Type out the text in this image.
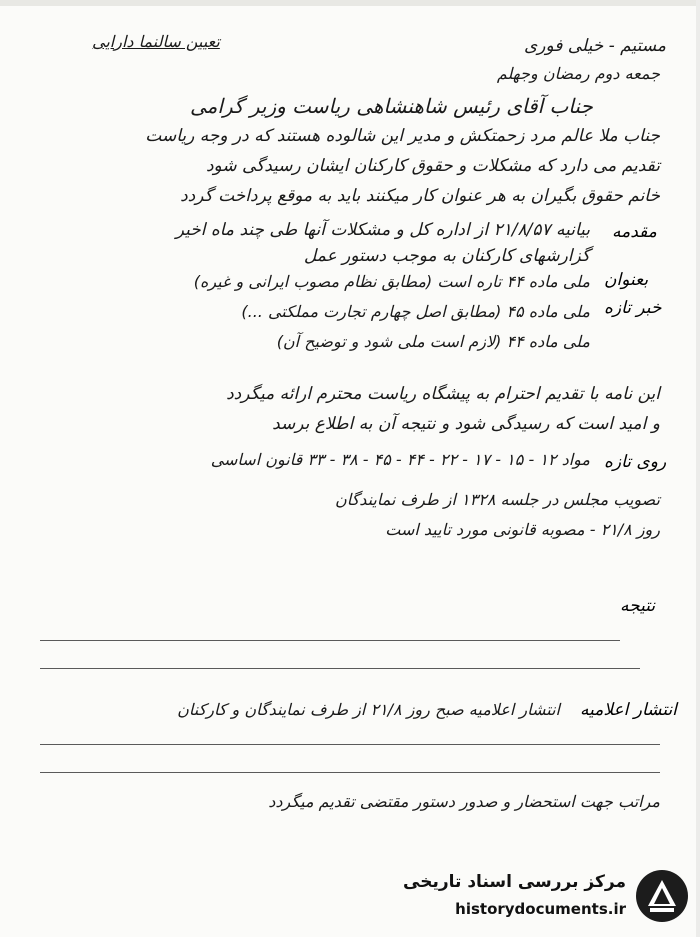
تعیین سالنما دارایی	مستیم - خیلی فوری
جمعه دوم رمضان وجهلم
جناب آقای رئیس شاهنشاهی ریاست وزیر گرامی
جناب ملا عالم مرد زحمتکش و مدیر این شالوده هستند که در وجه ریاست
تقدیم می دارد که مشکلات و حقوق کارکنان ایشان رسیدگی شود
خانم حقوق بگیران به هر عنوان کار میکنند باید به موقع پرداخت گردد
مقدمه
بیانیه ۲۱/۸/۵۷ از اداره کل و مشکلات آنها طی چند ماه اخیر
گزارشهای کارکنان به موجب دستور عمل
بعنوان
خبر تازه
ملی ماده ۴۴ تاره است (مطابق نظام مصوب ایرانی و غیره)
ملی ماده ۴۵ (مطابق اصل چهارم تجارت مملکتی ...)
ملی ماده ۴۴ (لازم است ملی شود و توضیح آن)
این نامه با تقدیم احترام به پیشگاه ریاست محترم ارائه میگردد
و امید است که رسیدگی شود و نتیجه آن به اطلاع برسد
روی تازه
مواد ۱۲ - ۱۵ - ۱۷ - ۲۲ - ۴۴ - ۴۵ - ۳۸ - ۳۳ قانون اساسی
تصویب مجلس در جلسه ۱۳۲۸ از طرف نمایندگان
روز ۲۱/۸ - مصوبه قانونی مورد تایید است
نتیجه
انتشار اعلامیه
انتشار اعلامیه صبح روز ۲۱/۸ از طرف نمایندگان و کارکنان
مراتب جهت استحضار و صدور دستور مقتضی تقدیم میگردد
مرکز بررسی اسناد تاریخی
historydocuments.ir
